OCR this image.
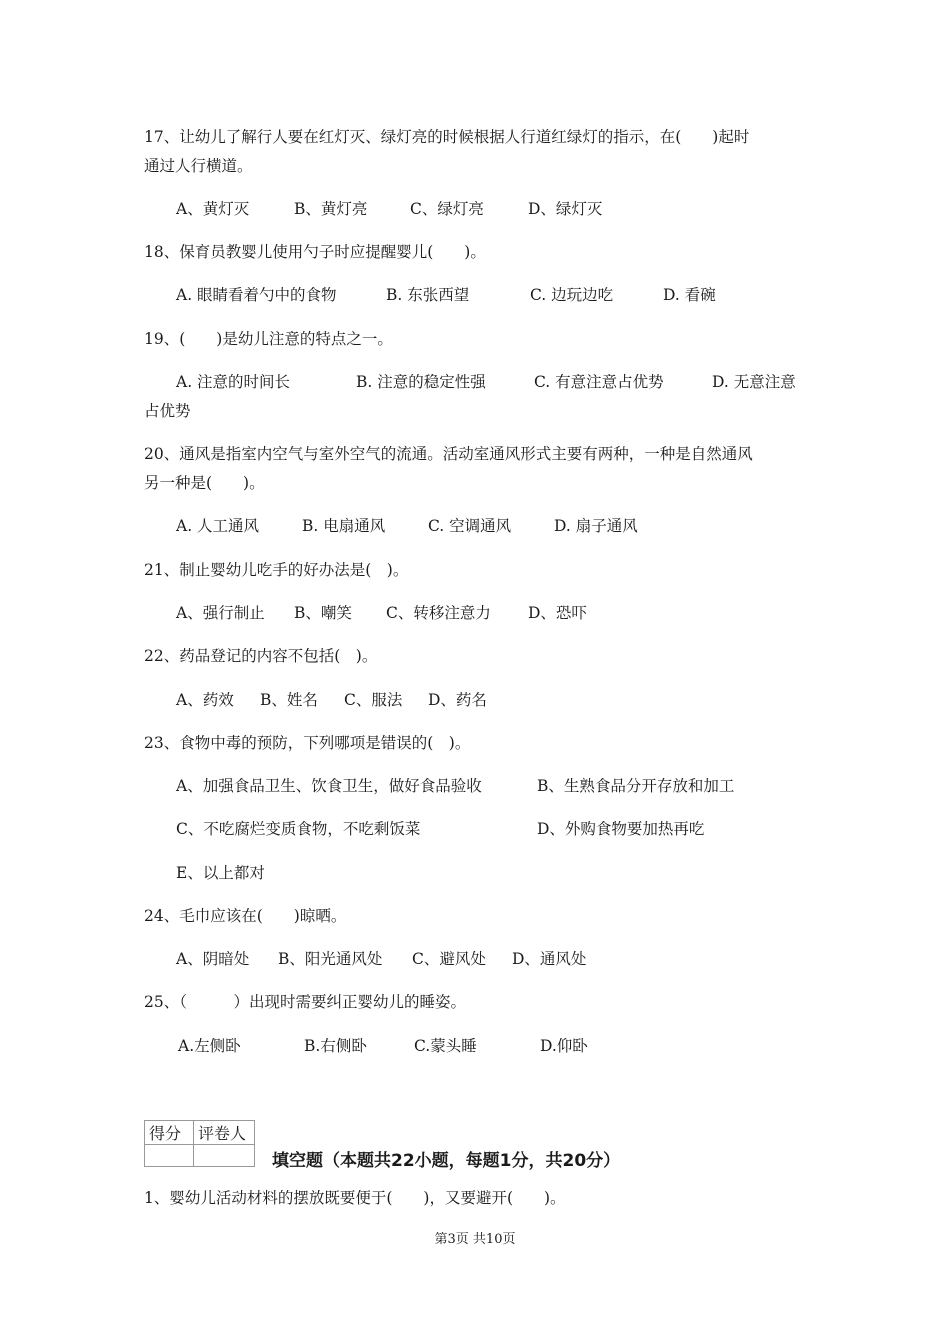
17、让幼儿了解行人要在红灯灭、绿灯亮的时候根据人行道红绿灯的指示，在(　　)起时
通过人行横道。
A、黄灯灭	B、黄灯亮	C、绿灯亮	D、绿灯灭
18、保育员教婴儿使用勺子时应提醒婴儿(　　)。
A. 眼睛看着勺中的食物	B. 东张西望	C. 边玩边吃	D. 看碗
19、(　　)是幼儿注意的特点之一。
A. 注意的时间长	B. 注意的稳定性强	C. 有意注意占优势	D. 无意注意
占优势
20、通风是指室内空气与室外空气的流通。活动室通风形式主要有两种，一种是自然通风
另一种是(　　)。
A. 人工通风	B. 电扇通风	C. 空调通风	D. 扇子通风
21、制止婴幼儿吃手的好办法是(　)。
A、强行制止 B、嘲笑 C、转移注意力 D、恐吓
22、药品登记的内容不包括(　)。
A、药效 B、姓名 C、服法 D、药名
23、食物中毒的预防，下列哪项是错误的(　)。
A、加强食品卫生、饮食卫生，做好食品验收	B、生熟食品分开存放和加工
C、不吃腐烂变质食物，不吃剩饭菜	D、外购食物要加热再吃
E、以上都对
24、毛巾应该在(　　)晾晒。
A、阴暗处 B、阳光通风处 C、避风处 D、通风处
25、（　　　）出现时需要纠正婴幼儿的睡姿。
A.左侧卧	B.右侧卧	C.蒙头睡	D.仰卧
得分	评卷人

填空题（本题共22小题，每题1分，共20分）
1、婴幼儿活动材料的摆放既要便于(　　)，又要避开(　　)。
第3页 共10页
